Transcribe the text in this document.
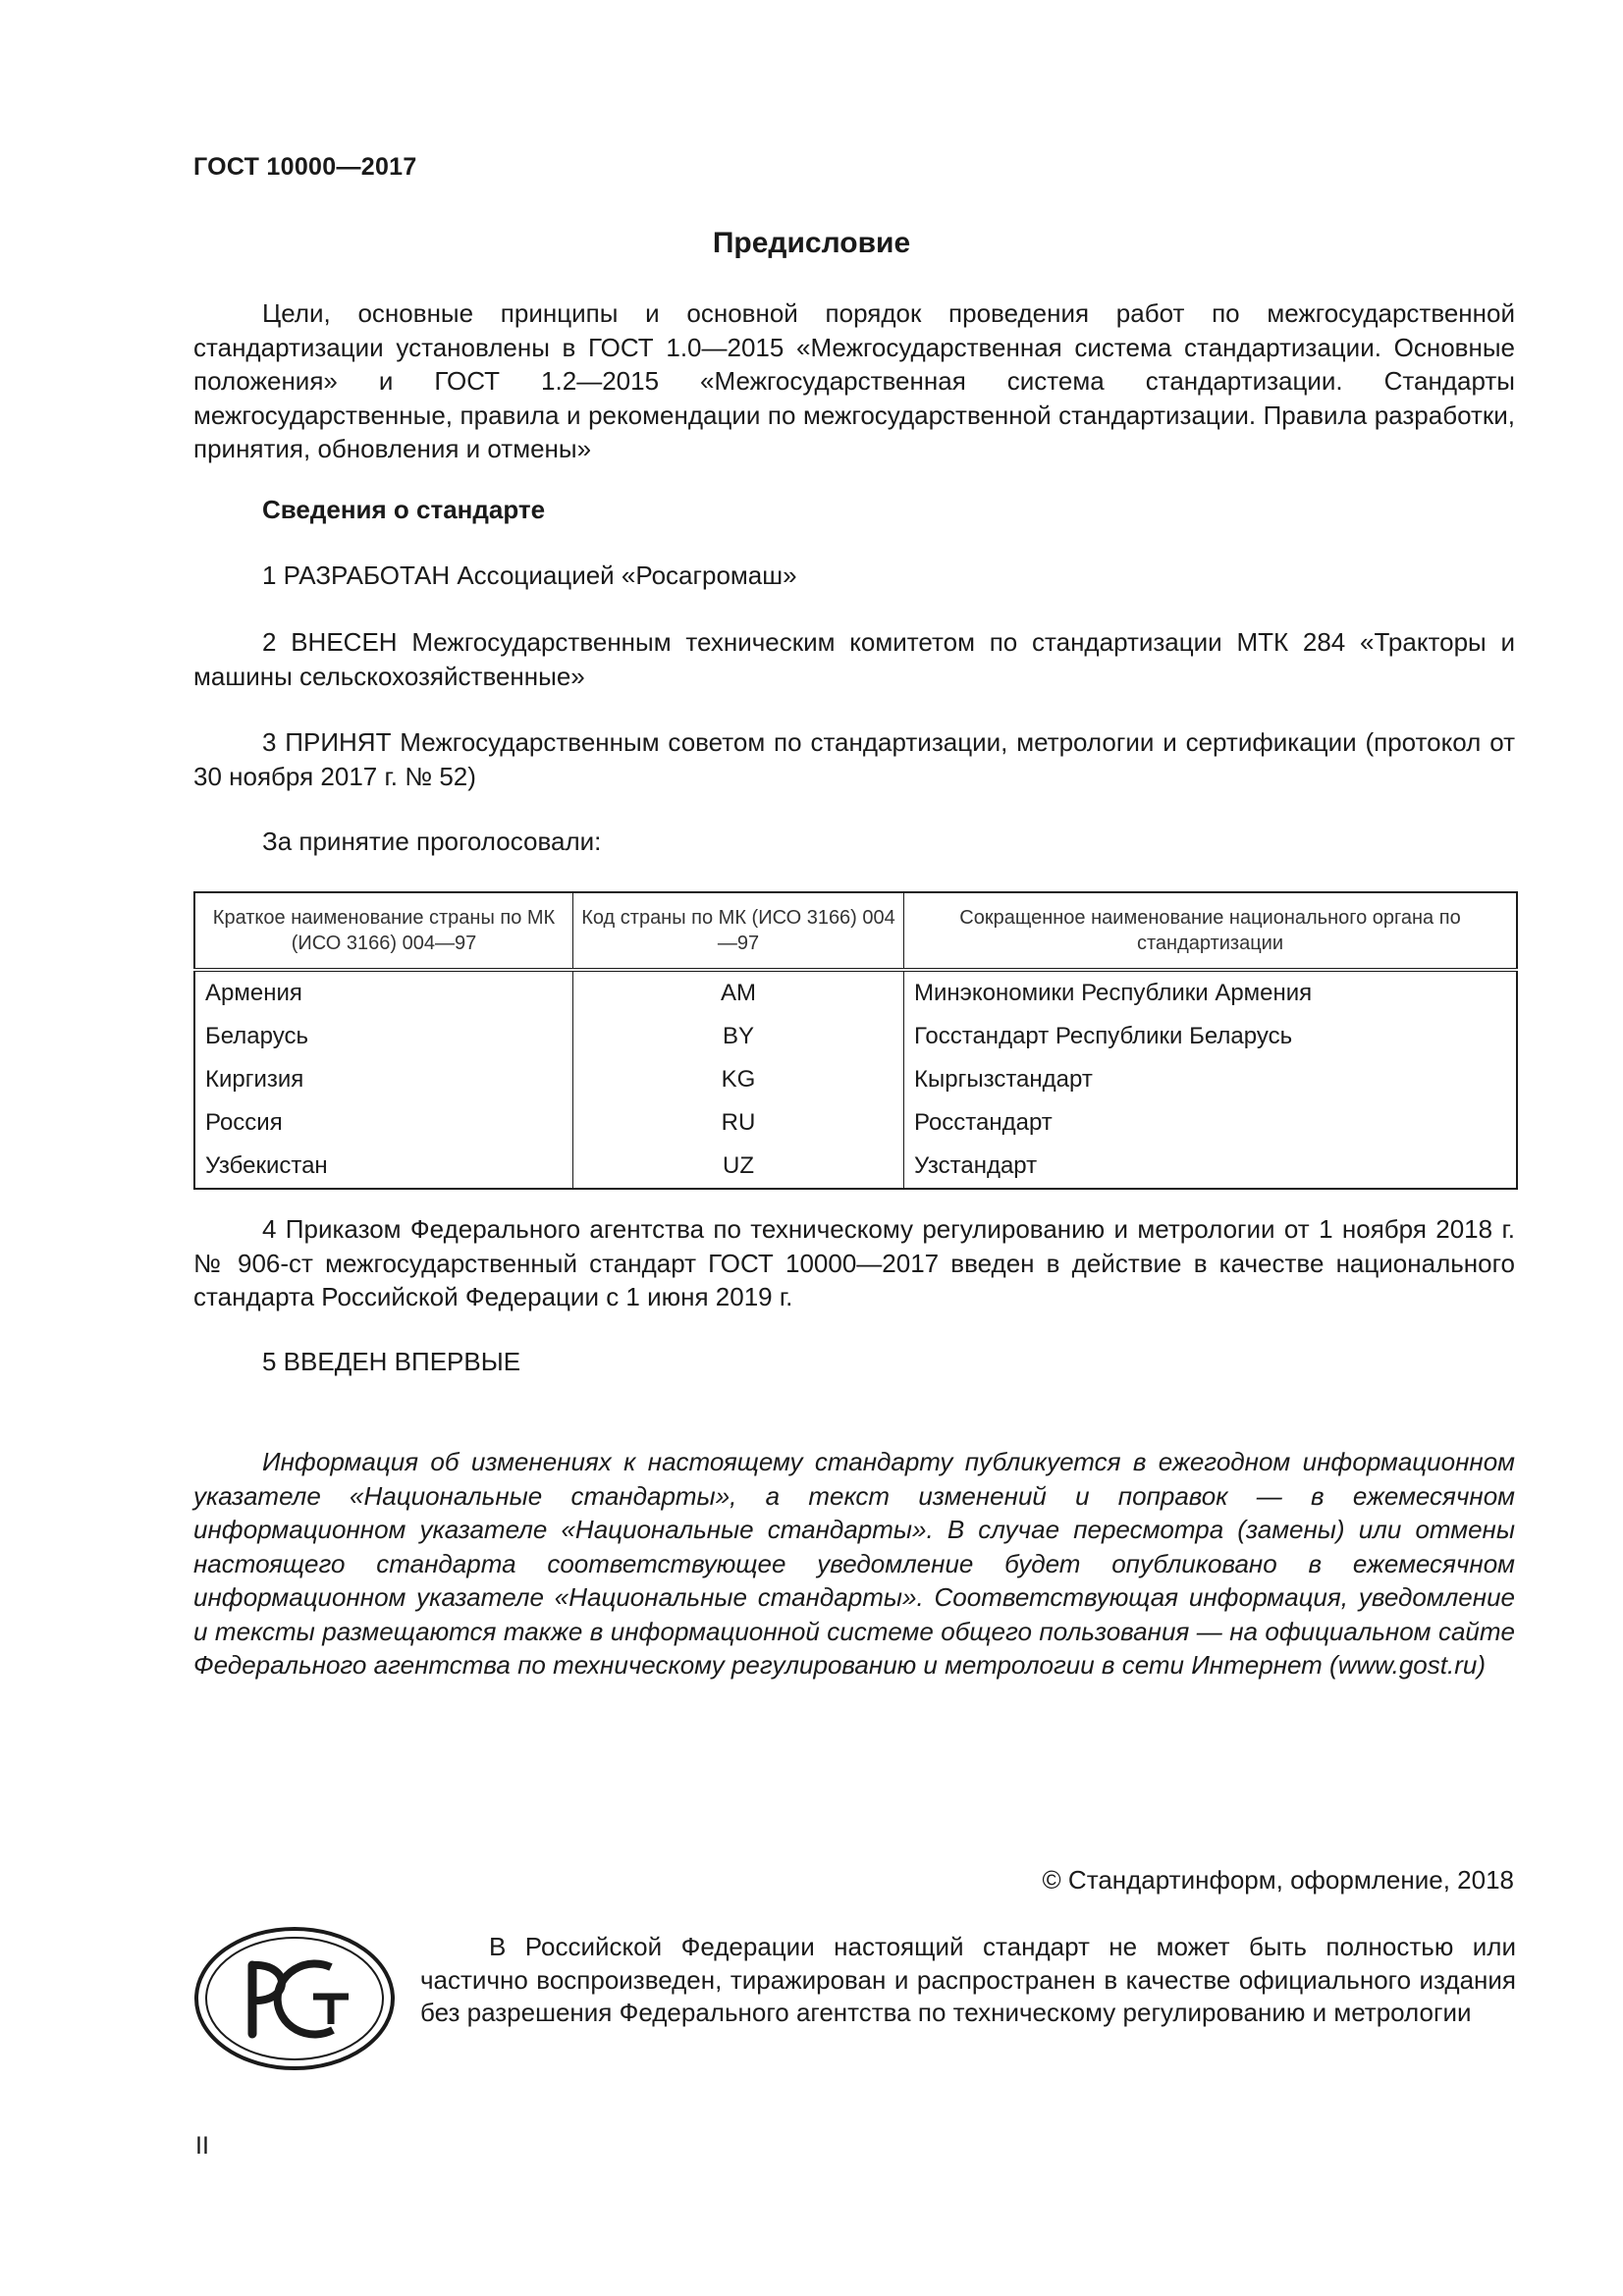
ГОСТ 10000—2017

Предисловие

Цели, основные принципы и основной порядок проведения работ по межгосударственной стандартизации установлены в ГОСТ 1.0—2015 «Межгосударственная система стандартизации. Основные положения» и ГОСТ 1.2—2015 «Межгосударственная система стандартизации. Стандарты межгосударственные, правила и рекомендации по межгосударственной стандартизации. Правила разработки, принятия, обновления и отмены»

Сведения о стандарте

1 РАЗРАБОТАН Ассоциацией «Росагромаш»

2 ВНЕСЕН Межгосударственным техническим комитетом по стандартизации МТК 284 «Тракторы и машины сельскохозяйственные»

3 ПРИНЯТ Межгосударственным советом по стандартизации, метрологии и сертификации (протокол от 30 ноября 2017 г. № 52)

За принятие проголосовали:

Краткое наименование страны по МК (ИСО 3166) 004—97	Код страны по МК (ИСО 3166) 004—97	Сокращенное наименование национального органа по стандартизации
Армения	AM	Минэкономики Республики Армения
Беларусь	BY	Госстандарт Республики Беларусь
Киргизия	KG	Кыргызстандарт
Россия	RU	Росстандарт
Узбекистан	UZ	Узстандарт

4 Приказом Федерального агентства по техническому регулированию и метрологии от 1 ноября 2018 г. № 906-ст межгосударственный стандарт ГОСТ 10000—2017 введен в действие в качестве национального стандарта Российской Федерации с 1 июня 2019 г.

5 ВВЕДЕН ВПЕРВЫЕ

Информация об изменениях к настоящему стандарту публикуется в ежегодном информационном указателе «Национальные стандарты», а текст изменений и поправок — в ежемесячном информационном указателе «Национальные стандарты». В случае пересмотра (замены) или отмены настоящего стандарта соответствующее уведомление будет опубликовано в ежемесячном информационном указателе «Национальные стандарты». Соответствующая информация, уведомление и тексты размещаются также в информационной системе общего пользования — на официальном сайте Федерального агентства по техническому регулированию и метрологии в сети Интернет (www.gost.ru)

© Стандартинформ, оформление, 2018

В Российской Федерации настоящий стандарт не может быть полностью или частично воспроизведен, тиражирован и распространен в качестве официального издания без разрешения Федерального агентства по техническому регулированию и метрологии

II
